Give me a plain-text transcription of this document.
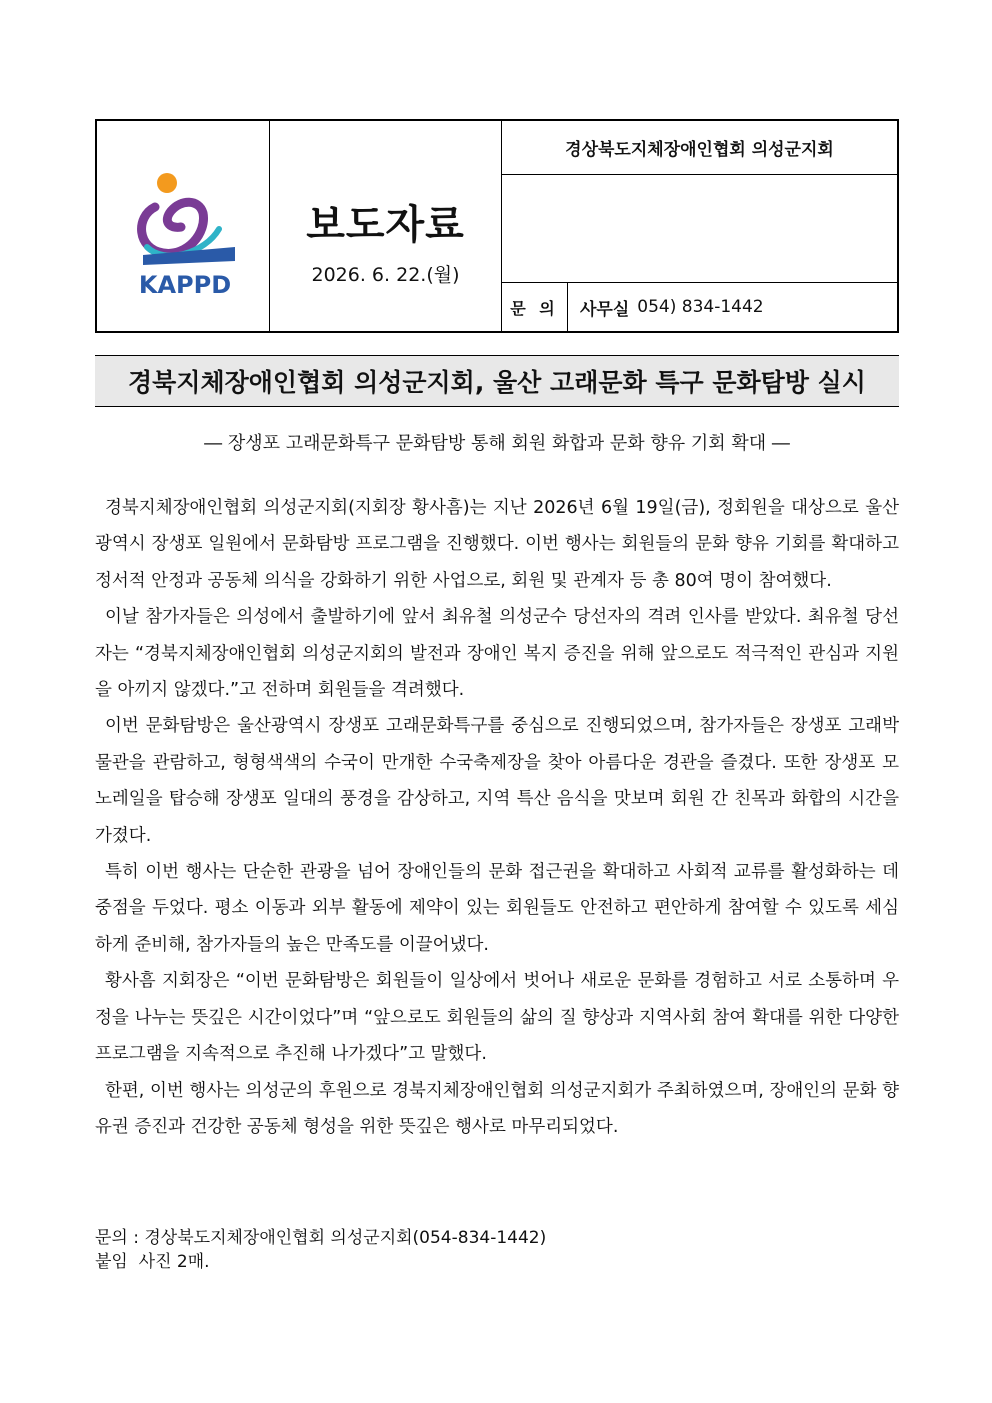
KAPPD
보도자료
2026. 6. 22.(월)
경상북도지체장애인협회 의성군지회
문 의	사무실 054) 834-1442
경북지체장애인협회 의성군지회, 울산 고래문화 특구 문화탐방 실시
― 장생포 고래문화특구 문화탐방 통해 회원 화합과 문화 향유 기회 확대 ―

경북지체장애인협회 의성군지회(지회장 황사흠)는 지난 2026년 6월 19일(금), 정회원을 대상으로 울산광역시 장생포 일원에서 문화탐방 프로그램을 진행했다. 이번 행사는 회원들의 문화 향유 기회를 확대하고 정서적 안정과 공동체 의식을 강화하기 위한 사업으로, 회원 및 관계자 등 총 80여 명이 참여했다.

이날 참가자들은 의성에서 출발하기에 앞서 최유철 의성군수 당선자의 격려 인사를 받았다. 최유철 당선자는 “경북지체장애인협회 의성군지회의 발전과 장애인 복지 증진을 위해 앞으로도 적극적인 관심과 지원을 아끼지 않겠다.”고 전하며 회원들을 격려했다.

이번 문화탐방은 울산광역시 장생포 고래문화특구를 중심으로 진행되었으며, 참가자들은 장생포 고래박물관을 관람하고, 형형색색의 수국이 만개한 수국축제장을 찾아 아름다운 경관을 즐겼다. 또한 장생포 모노레일을 탑승해 장생포 일대의 풍경을 감상하고, 지역 특산 음식을 맛보며 회원 간 친목과 화합의 시간을 가졌다.

특히 이번 행사는 단순한 관광을 넘어 장애인들의 문화 접근권을 확대하고 사회적 교류를 활성화하는 데 중점을 두었다. 평소 이동과 외부 활동에 제약이 있는 회원들도 안전하고 편안하게 참여할 수 있도록 세심하게 준비해, 참가자들의 높은 만족도를 이끌어냈다.

황사흠 지회장은 “이번 문화탐방은 회원들이 일상에서 벗어나 새로운 문화를 경험하고 서로 소통하며 우정을 나누는 뜻깊은 시간이었다”며 “앞으로도 회원들의 삶의 질 향상과 지역사회 참여 확대를 위한 다양한 프로그램을 지속적으로 추진해 나가겠다”고 말했다.

한편, 이번 행사는 의성군의 후원으로 경북지체장애인협회 의성군지회가 주최하였으며, 장애인의 문화 향유권 증진과 건강한 공동체 형성을 위한 뜻깊은 행사로 마무리되었다.

문의 : 경상북도지체장애인협회 의성군지회(054-834-1442)
붙임  사진 2매.
